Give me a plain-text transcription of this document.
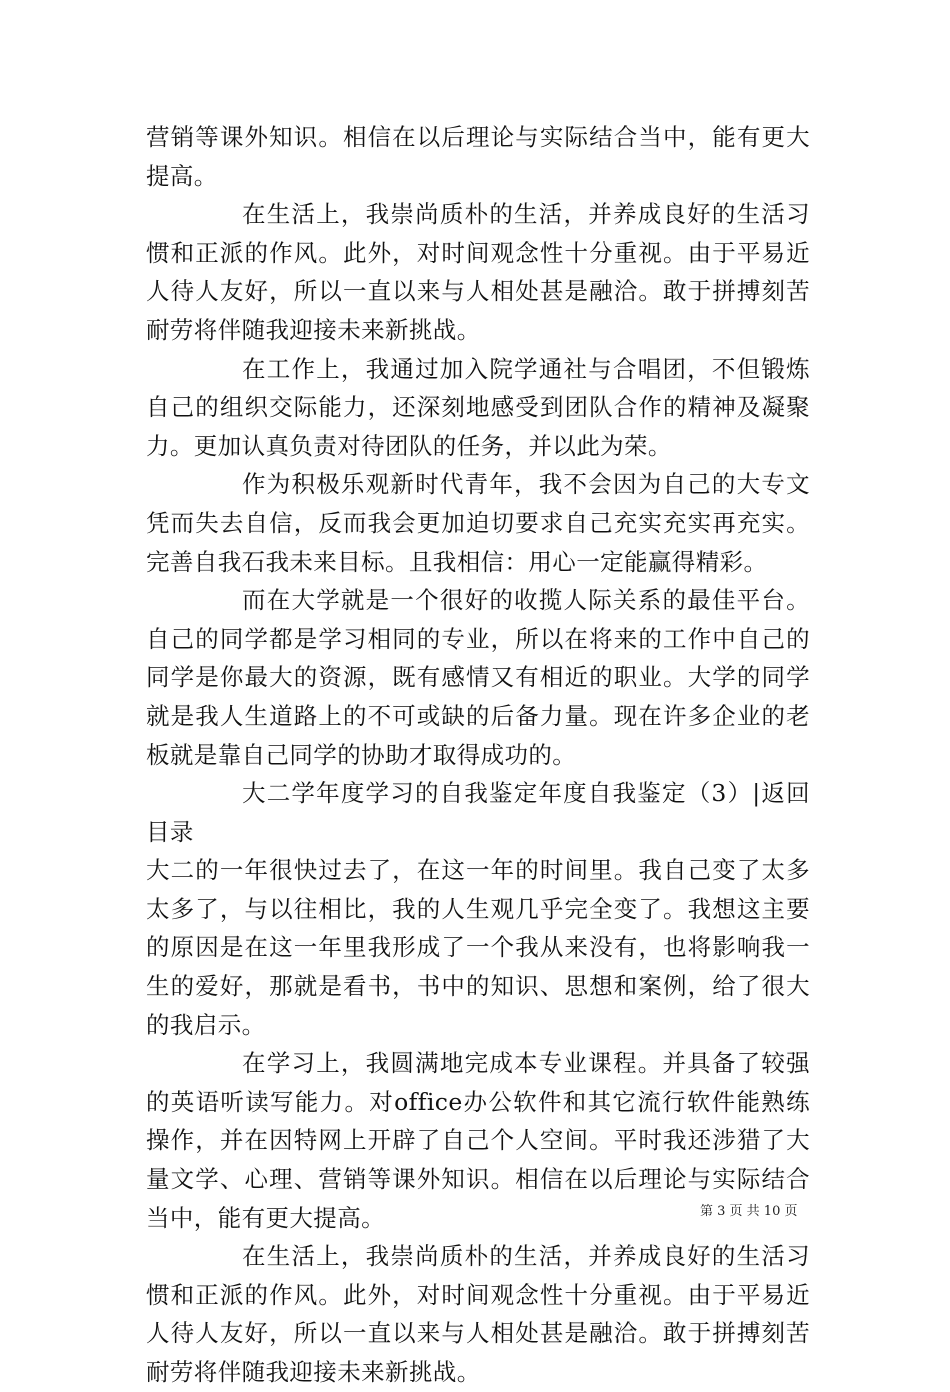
营销等课外知识。相信在以后理论与实际结合当中，能有更大提高。

在生活上，我崇尚质朴的生活，并养成良好的生活习惯和正派的作风。此外，对时间观念性十分重视。由于平易近人待人友好，所以一直以来与人相处甚是融洽。敢于拼搏刻苦耐劳将伴随我迎接未来新挑战。

在工作上，我通过加入院学通社与合唱团，不但锻炼自己的组织交际能力，还深刻地感受到团队合作的精神及凝聚力。更加认真负责对待团队的任务，并以此为荣。

作为积极乐观新时代青年，我不会因为自己的大专文凭而失去自信，反而我会更加迫切要求自己充实充实再充实。完善自我石我未来目标。且我相信：用心一定能赢得精彩。

而在大学就是一个很好的收揽人际关系的最佳平台。自己的同学都是学习相同的专业，所以在将来的工作中自己的同学是你最大的资源，既有感情又有相近的职业。大学的同学就是我人生道路上的不可或缺的后备力量。现在许多企业的老板就是靠自己同学的协助才取得成功的。

大二学年度学习的自我鉴定年度自我鉴定（3）|返回目录

大二的一年很快过去了，在这一年的时间里。我自己变了太多太多了，与以往相比，我的人生观几乎完全变了。我想这主要的原因是在这一年里我形成了一个我从来没有，也将影响我一生的爱好，那就是看书，书中的知识、思想和案例，给了很大的我启示。

在学习上，我圆满地完成本专业课程。并具备了较强的英语听读写能力。对office办公软件和其它流行软件能熟练操作，并在因特网上开辟了自己个人空间。平时我还涉猎了大量文学、心理、营销等课外知识。相信在以后理论与实际结合当中，能有更大提高。

在生活上，我崇尚质朴的生活，并养成良好的生活习惯和正派的作风。此外，对时间观念性十分重视。由于平易近人待人友好，所以一直以来与人相处甚是融洽。敢于拼搏刻苦耐劳将伴随我迎接未来新挑战。

第 3 页 共 10 页
